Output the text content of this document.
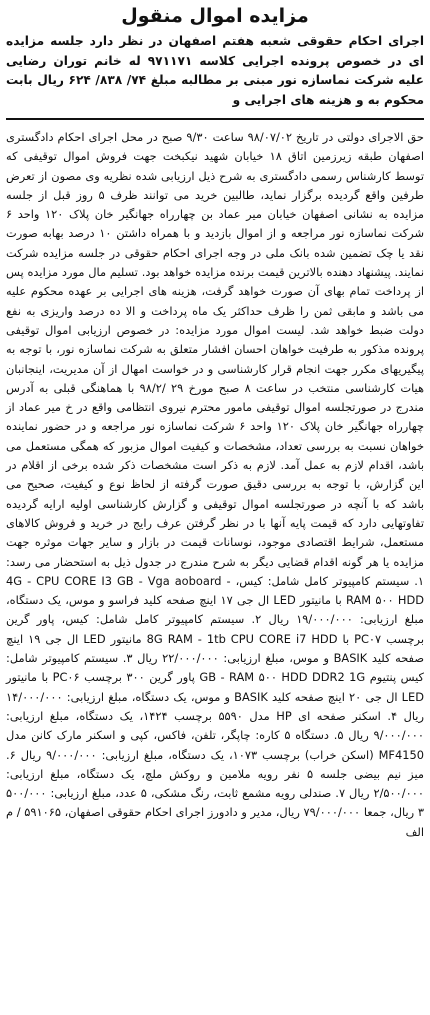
مزایده اموال منقول

اجرای احکام حقوقی شعبه هفتم اصفهان در نظر دارد جلسه مزایده ای در خصوص پرونده اجرایی کلاسه ۹۷۱۱۷۱ له خانم توران رضایی علیه شرکت نماسازه نور مبنی بر مطالبه مبلغ ۷۴/ ۸۳۸/ ۶۲۴ ریال بابت محکوم به و هزینه های اجرایی و

حق الاجرای دولتی در تاریخ ۹۸/۰۷/۰۲ ساعت ۹/۳۰ صبح در محل اجرای احکام دادگستری اصفهان طبقه زیرزمین اتاق ۱۸ خیابان شهید نیکبخت جهت فروش اموال توقیفی که توسط کارشناس رسمی دادگستری به شرح ذیل ارزیابی شده نظریه وی مصون از تعرض طرفین واقع گردیده برگزار نماید، طالبین خرید می توانند ظرف ۵ روز قبل از جلسه مزایده به نشانی اصفهان خیابان میر عماد بن چهارراه جهانگیر خان پلاک ۱۲۰ واحد ۶ شرکت نماسازه نور مراجعه و از اموال بازدید و با همراه داشتن ۱۰ درصد بهابه صورت نقد یا چک تضمین شده بانک ملی در وجه اجرای احکام حقوقی در جلسه مزایده شرکت نمایند. پیشنهاد دهنده بالاترین قیمت برنده مزایده خواهد بود. تسلیم مال مورد مزایده پس از پرداخت تمام بهای آن صورت خواهد گرفت، هزینه های اجرایی بر عهده محکوم علیه می باشد و مابقی ثمن را ظرف حداکثر یک ماه پرداخت و الا ده درصد واریزی به نفع دولت ضبط خواهد شد. لیست اموال مورد مزایده: در خصوص ارزیابی اموال توقیفی پرونده مذکور به طرفیت خواهان احسان افشار متعلق به شرکت نماسازه نور، با توجه به پیگیریهای مکرر جهت انجام قرار کارشناسی و در خواست امهال از آن مدیریت، اینجانبان هیات کارشناسی منتخب در ساعت ۸ صبح مورخ ۲۹ /۹۸/۲ با هماهنگی قبلی به آدرس مندرج در صورتجلسه اموال توقیفی مامور محترم نیروی انتظامی واقع در خ میر عماد از چهارراه جهانگیر خان پلاک ۱۲۰ واحد ۶ شرکت نماسازه نور مراجعه و در حضور نماینده خواهان نسبت به بررسی تعداد، مشخصات و کیفیت اموال مزبور که همگی مستعمل می باشد، اقدام لازم به عمل آمد. لازم به ذکر است مشخصات ذکر شده برخی از اقلام در این گزارش، با توجه به بررسی دقیق صورت گرفته از لحاظ نوع و کیفیت، صحیح می باشد که با آنچه در صورتجلسه اموال توقیفی و گزارش کارشناسی اولیه ارایه گردیده تفاوتهایی دارد که قیمت پایه آنها با در نظر گرفتن عرف رایج در خرید و فروش کالاهای مستعمل، شرایط اقتصادی موجود، نوسانات قیمت در بازار و سایر جهات موثره جهت مزایده یا هر گونه اقدام قضایی دیگر به شرح مندرج در جدول ذیل به استحضار می رسد: ۱. سیستم کامپیوتر کامل شامل: کیس، 4G - CPU CORE I3 GB - Vga aoboard - RAM ۵۰۰ HDD با مانیتور LED ال جی ۱۷ اینچ صفحه کلید فراسو و موس، یک دستگاه، مبلغ ارزیابی: ۱۹/۰۰۰/۰۰۰ ریال ۲. سیستم کامپیوتر کامل شامل: کیس، پاور گرین برچسب PC۰۷ با 8G RAM - 1tb CPU CORE i7 HDD مانیتور LED ال جی ۱۹ اینچ صفحه کلید BASIK و موس، مبلغ ارزیابی: ۲۲/۰۰۰/۰۰۰ ریال ۳. سیستم کامپیوتر شامل: کیس پنتیوم GB - RAM ۵۰۰ HDD DDR2 1G پاور گرین ۳۰۰ برچسب PC۰۶ با مانیتور LED ال جی ۲۰ اینچ صفحه کلید BASIK و موس، یک دستگاه، مبلغ ارزیابی: ۱۴/۰۰۰/۰۰۰ ریال ۴. اسکنر صفحه ای HP مدل ۵۵۹۰ برچسب ۱۴۲۴، یک دستگاه، مبلغ ارزیابی: ۹/۰۰۰/۰۰۰ ریال ۵. دستگاه ۵ کاره: چاپگر، تلفن، فاکس، کپی و اسکنر مارک کانن مدل MF4150 (اسکن خراب) برچسب ۱۰۷۳، یک دستگاه، مبلغ ارزیابی: ۹/۰۰۰/۰۰۰ ریال ۶. میز نیم بیضی جلسه ۵ نفر رویه ملامین و روکش ملچ، یک دستگاه، مبلغ ارزیابی: ۲/۵۰۰/۰۰۰ ریال ۷. صندلی رویه مشمع ثابت، رنگ مشکی، ۵ عدد، مبلغ ارزیابی: ۵۰۰/۰۰۰ ۳ ریال، جمعا ۷۹/۰۰۰/۰۰۰ ریال، مدیر و دادورز اجرای احکام حقوقی اصفهان، ۵۹۱۰۶۵ / م الف
